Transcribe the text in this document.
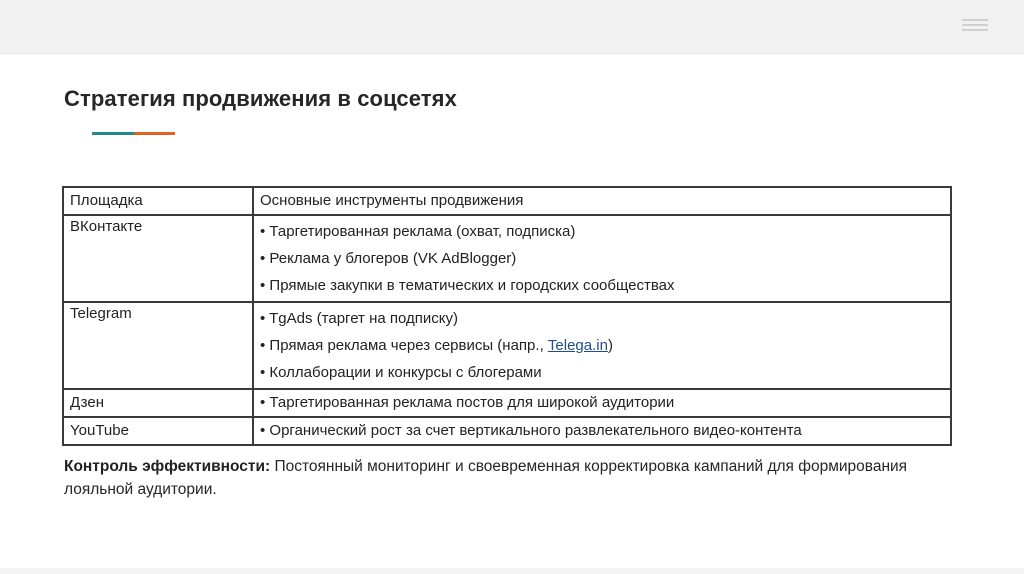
Стратегия продвижения в соцсетях
Площадка	Основные инструменты продвижения
ВКонтакте	• Таргетированная реклама (охват, подписка)
• Реклама у блогеров (VK AdBlogger)
• Прямые закупки в тематических и городских сообществах

Telegram	• TgAds (таргет на подписку)
• Прямая реклама через сервисы (напр., Telega.in)
• Коллаборации и конкурсы с блогерами

Дзен	• Таргетированная реклама постов для широкой аудитории

YouTube	• Органический рост за счет вертикального развлекательного видео-контента

Контроль эффективности: Постоянный мониторинг и своевременная корректировка кампаний для формирования лояльной аудитории.
